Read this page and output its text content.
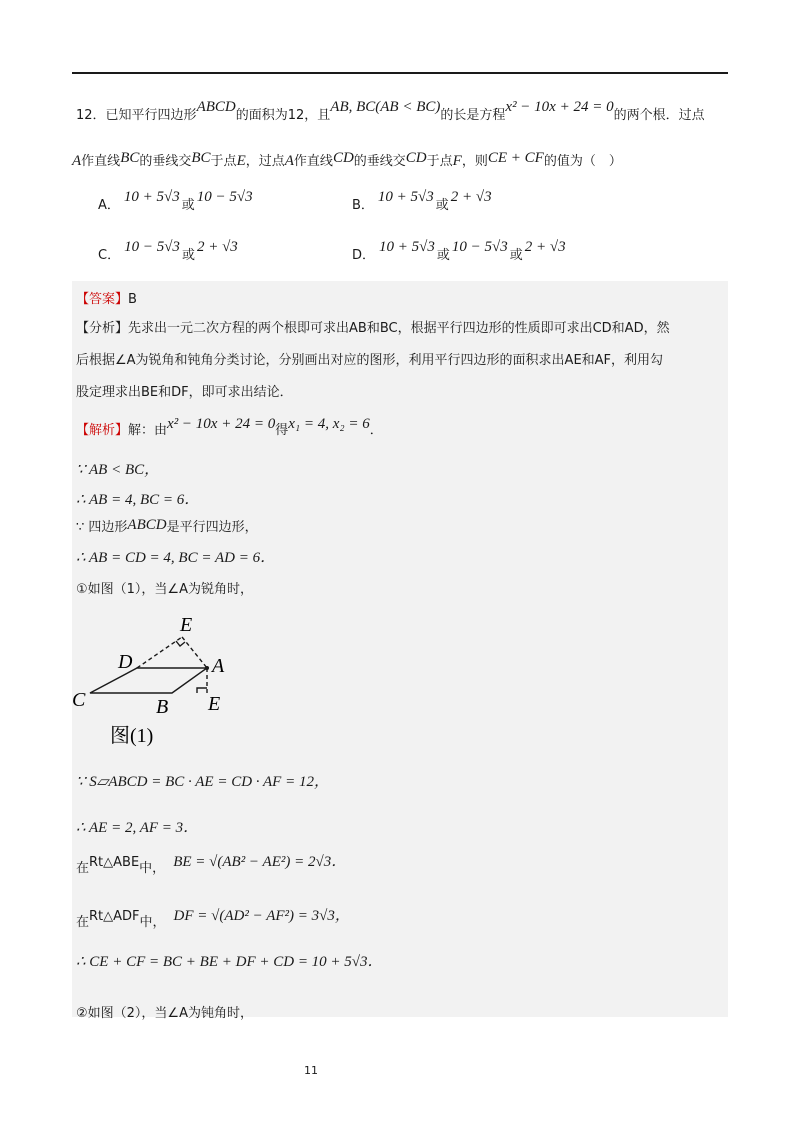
12．已知平行四边形ABCD的面积为12，且AB, BC(AB < BC)的长是方程x² − 10x + 24 = 0的两个根．过点
A作直线BC的垂线交BC于点E，过点A作直线CD的垂线交CD于点F，则CE + CF的值为（　）
A．10 + 5√3或10 − 5√3
B．10 + 5√3或2 + √3
C．10 − 5√3或2 + √3
D．10 + 5√3或10 − 5√3或2 + √3
【答案】B
【分析】先求出一元二次方程的两个根即可求出AB和BC，根据平行四边形的性质即可求出CD和AD，然
后根据∠A为锐角和钝角分类讨论，分别画出对应的图形，利用平行四边形的面积求出AE和AF，利用勾
股定理求出BE和DF，即可求出结论．
【解析】解：由x² − 10x + 24 = 0得x₁ = 4, x₂ = 6．
∵ AB < BC，
∴ AB = 4, BC = 6．
∵ 四边形ABCD是平行四边形，
∴ AB = CD = 4, BC = AD = 6．
①如图（1），当∠A为锐角时，
C
D	A
B
E
E
图(1)
∵ S▱ABCD = BC · AE = CD · AF = 12，
∴ AE = 2, AF = 3．
在Rt△ABE中， BE = √(AB² − AE²) = 2√3．
在Rt△ADF中， DF = √(AD² − AF²) = 3√3，
∴ CE + CF = BC + BE + DF + CD = 10 + 5√3．
②如图（2），当∠A为钝角时，
11
